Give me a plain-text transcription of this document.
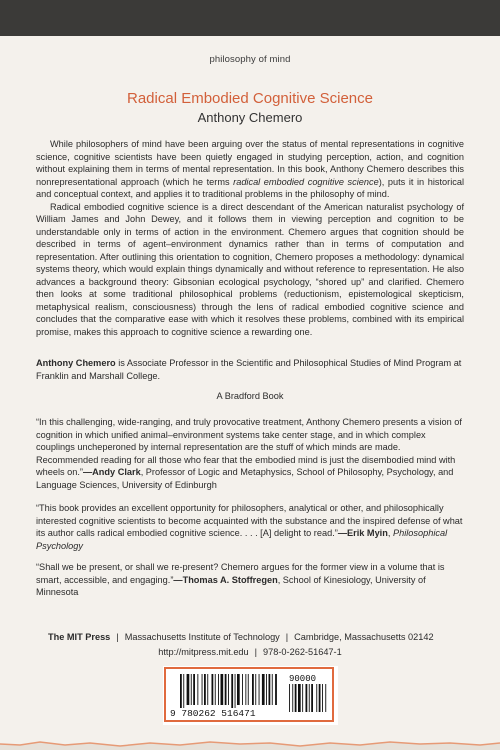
philosophy of mind
Radical Embodied Cognitive Science
Anthony Chemero

While philosophers of mind have been arguing over the status of mental representations in cognitive science, cognitive scientists have been quietly engaged in studying perception, action, and cognition without explaining them in terms of mental representation. In this book, Anthony Chemero describes this nonrepresentational approach (which he terms radical embodied cognitive science), puts it in historical and conceptual context, and applies it to traditional problems in the philosophy of mind.

Radical embodied cognitive science is a direct descendant of the American naturalist psychology of William James and John Dewey, and it follows them in viewing perception and cognition to be understandable only in terms of action in the environment. Chemero argues that cognition should be described in terms of agent–environment dynamics rather than in terms of computation and representation. After outlining this orientation to cognition, Chemero proposes a methodology: dynamical systems theory, which would explain things dynamically and without reference to representation. He also advances a background theory: Gibsonian ecological psychology, “shored up” and clarified. Chemero then looks at some traditional philosophical problems (reductionism, epistemological skepticism, metaphysical realism, consciousness) through the lens of radical embodied cognitive science and concludes that the comparative ease with which it resolves these problems, combined with its empirical promise, makes this approach to cognitive science a rewarding one.

Anthony Chemero is Associate Professor in the Scientific and Philosophical Studies of Mind Program at Franklin and Marshall College.
A Bradford Book
“In this challenging, wide-ranging, and truly provocative treatment, Anthony Chemero presents a vision of cognition in which unified animal–environment systems take center stage, and in which complex couplings uncheperoned by internal representation are the stuff of which minds are made. Recommended reading for all those who fear that the embodied mind is just the disembodied mind with wheels on.”—Andy Clark, Professor of Logic and Metaphysics, School of Philosophy, Psychology, and Language Sciences, University of Edinburgh
“This book provides an excellent opportunity for philosophers, analytical or other, and philosophically interested cognitive scientists to become acquainted with the substance and the inspired defense of what its author calls radical embodied cognitive science. . . . [A] delight to read.”—Erik Myin, Philosophical Psychology
“Shall we be present, or shall we re-present? Chemero argues for the former view in a volume that is smart, accessible, and engaging.”—Thomas A. Stoffregen, School of Kinesiology, University of Minnesota
The MIT Press | Massachusetts Institute of Technology | Cambridge, Massachusetts 02142
http://mitpress.mit.edu | 978-0-262-51647-1
9 780262 516471
90000
